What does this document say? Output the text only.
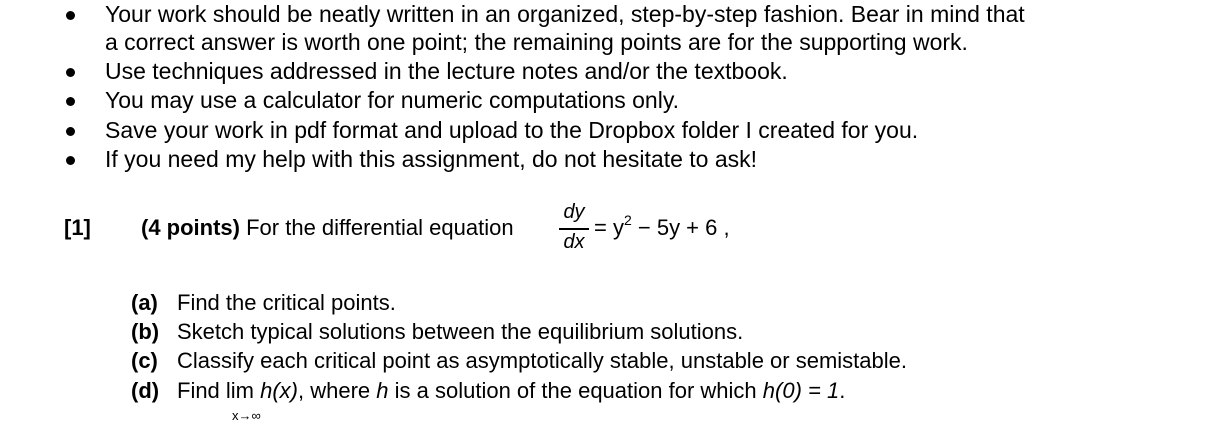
Your work should be neatly written in an organized, step-by-step fashion. Bear in mind that
a correct answer is worth one point; the remaining points are for the supporting work.
Use techniques addressed in the lecture notes and/or the textbook.
You may use a calculator for numeric computations only.
Save your work in pdf format and upload to the Dropbox folder I created for you.
If you need my help with this assignment, do not hesitate to ask!
[1] (4 points) For the differential equation
dy
dx
= $y^2 - 5y + 6$ ,
(a) Find the critical points.
(b) Sketch typical solutions between the equilibrium solutions.
(c) Classify each critical point as asymptotically stable, unstable or semistable.
(d) Find lim h(x), where h is a solution of the equation for which h(0) = 1.
x→∞
